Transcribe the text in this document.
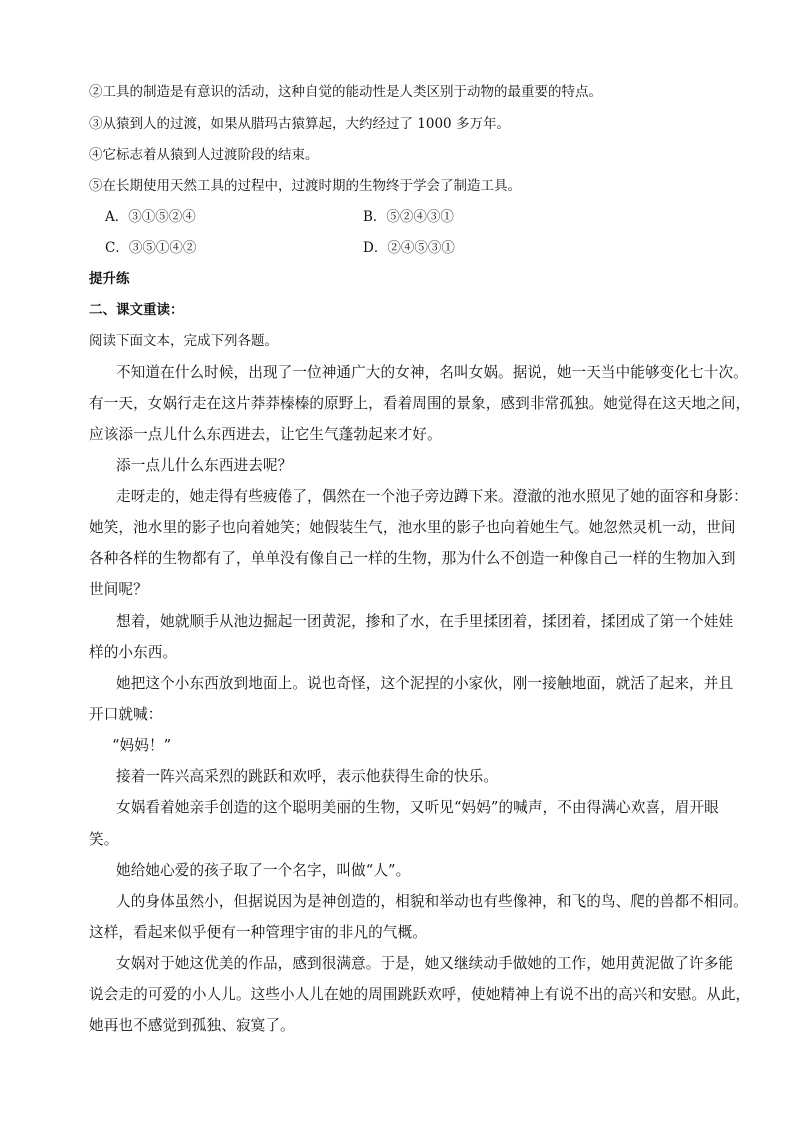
②工具的制造是有意识的活动，这种自觉的能动性是人类区别于动物的最重要的特点。
③从猿到人的过渡，如果从腊玛古猿算起，大约经过了 1000 多万年。
④它标志着从猿到人过渡阶段的结束。
⑤在长期使用天然工具的过程中，过渡时期的生物终于学会了制造工具。
A．③①⑤②④	B．⑤②④③①
C．③⑤①④②	D．②④⑤③①
提升练
二、课文重读：
阅读下面文本，完成下列各题。
不知道在什么时候，出现了一位神通广大的女神，名叫女娲。据说，她一天当中能够变化七十次。
有一天，女娲行走在这片莽莽榛榛的原野上，看着周围的景象，感到非常孤独。她觉得在这天地之间，
应该添一点儿什么东西进去，让它生气蓬勃起来才好。
添一点儿什么东西进去呢？
走呀走的，她走得有些疲倦了，偶然在一个池子旁边蹲下来。澄澈的池水照见了她的面容和身影：
她笑，池水里的影子也向着她笑；她假装生气，池水里的影子也向着她生气。她忽然灵机一动，世间
各种各样的生物都有了，单单没有像自己一样的生物，那为什么不创造一种像自己一样的生物加入到
世间呢？
想着，她就顺手从池边掘起一团黄泥，掺和了水，在手里揉团着，揉团着，揉团成了第一个娃娃
样的小东西。
她把这个小东西放到地面上。说也奇怪，这个泥捏的小家伙，刚一接触地面，就活了起来，并且
开口就喊：
“妈妈！”
接着一阵兴高采烈的跳跃和欢呼，表示他获得生命的快乐。
女娲看着她亲手创造的这个聪明美丽的生物，又听见“妈妈”的喊声，不由得满心欢喜，眉开眼
笑。
她给她心爱的孩子取了一个名字，叫做“人”。
人的身体虽然小，但据说因为是神创造的，相貌和举动也有些像神，和飞的鸟、爬的兽都不相同。
这样，看起来似乎便有一种管理宇宙的非凡的气概。
女娲对于她这优美的作品，感到很满意。于是，她又继续动手做她的工作，她用黄泥做了许多能
说会走的可爱的小人儿。这些小人儿在她的周围跳跃欢呼，使她精神上有说不出的高兴和安慰。从此，
她再也不感觉到孤独、寂寞了。
